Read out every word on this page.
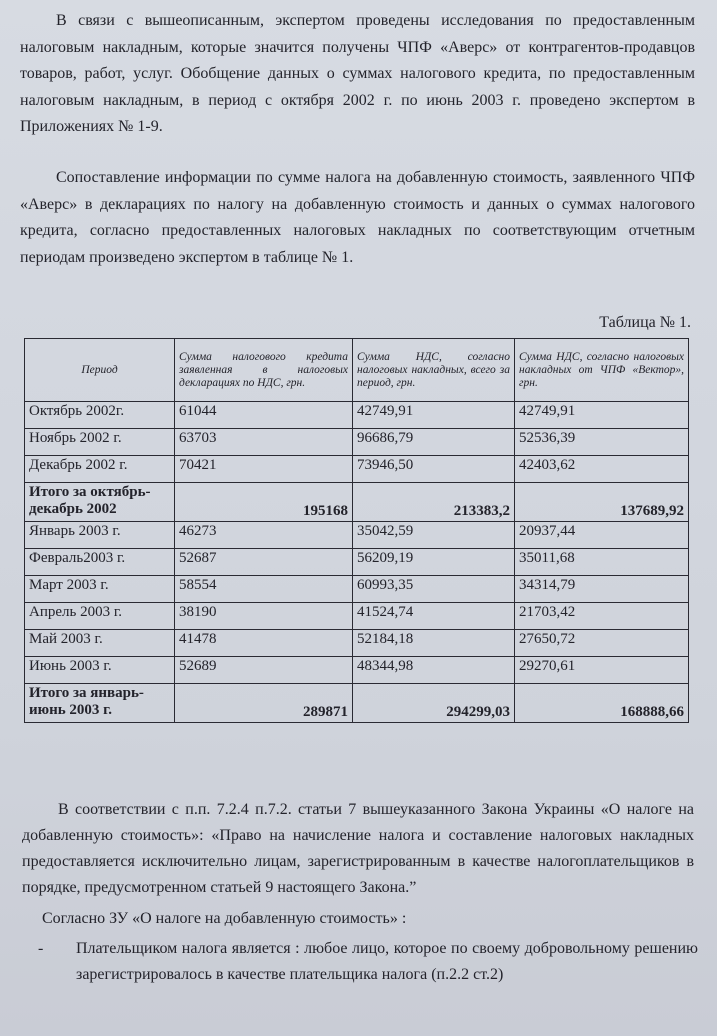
В связи с вышеописанным, экспертом проведены исследования по предоставленным налоговым накладным, которые значится получены ЧПФ «Аверс» от контрагентов-продавцов товаров, работ, услуг. Обобщение данных о суммах налогового кредита, по предоставленным налоговым накладным, в период с октября 2002 г. по июнь 2003 г. проведено экспертом в Приложениях № 1-9.

Сопоставление информации по сумме налога на добавленную стоимость, заявленного ЧПФ «Аверс» в декларациях по налогу на добавленную стоимость и данных о суммах налогового кредита, согласно предоставленных налоговых накладных по соответствующим отчетным периодам произведено экспертом в таблице № 1.

Таблица № 1.
Период	Сумма налогового кредита заявленная в налоговых декларациях по НДС, грн.	Сумма НДС, согласно налоговых накладных, всего за период, грн.	Сумма НДС, согласно налоговых накладных от ЧПФ «Вектор», грн.
Октябрь 2002г.	61044	42749,91	42749,91
Ноябрь 2002 г.	63703	96686,79	52536,39
Декабрь 2002 г.	70421	73946,50	42403,62
Итого за октябрь-декабрь 2002	195168	213383,2	137689,92
Январь 2003 г.	46273	35042,59	20937,44
Февраль2003 г.	52687	56209,19	35011,68
Март 2003 г.	58554	60993,35	34314,79
Апрель 2003 г.	38190	41524,74	21703,42
Май 2003 г.	41478	52184,18	27650,72
Июнь 2003 г.	52689	48344,98	29270,61
Итого за январь-июнь 2003 г.	289871	294299,03	168888,66

В соответствии с п.п. 7.2.4 п.7.2. статьи 7 вышеуказанного Закона Украины «О налоге на добавленную стоимость»: «Право на начисление налога и составление налоговых накладных предоставляется исключительно лицам, зарегистрированным в качестве налогоплательщиков в порядке, предусмотренном статьей 9 настоящего Закона.”

Согласно ЗУ «О налоге на добавленную стоимость» :

- Плательщиком налога является : любое лицо, которое по своему добровольному решению зарегистрировалось в качестве плательщика налога (п.2.2 ст.2)
